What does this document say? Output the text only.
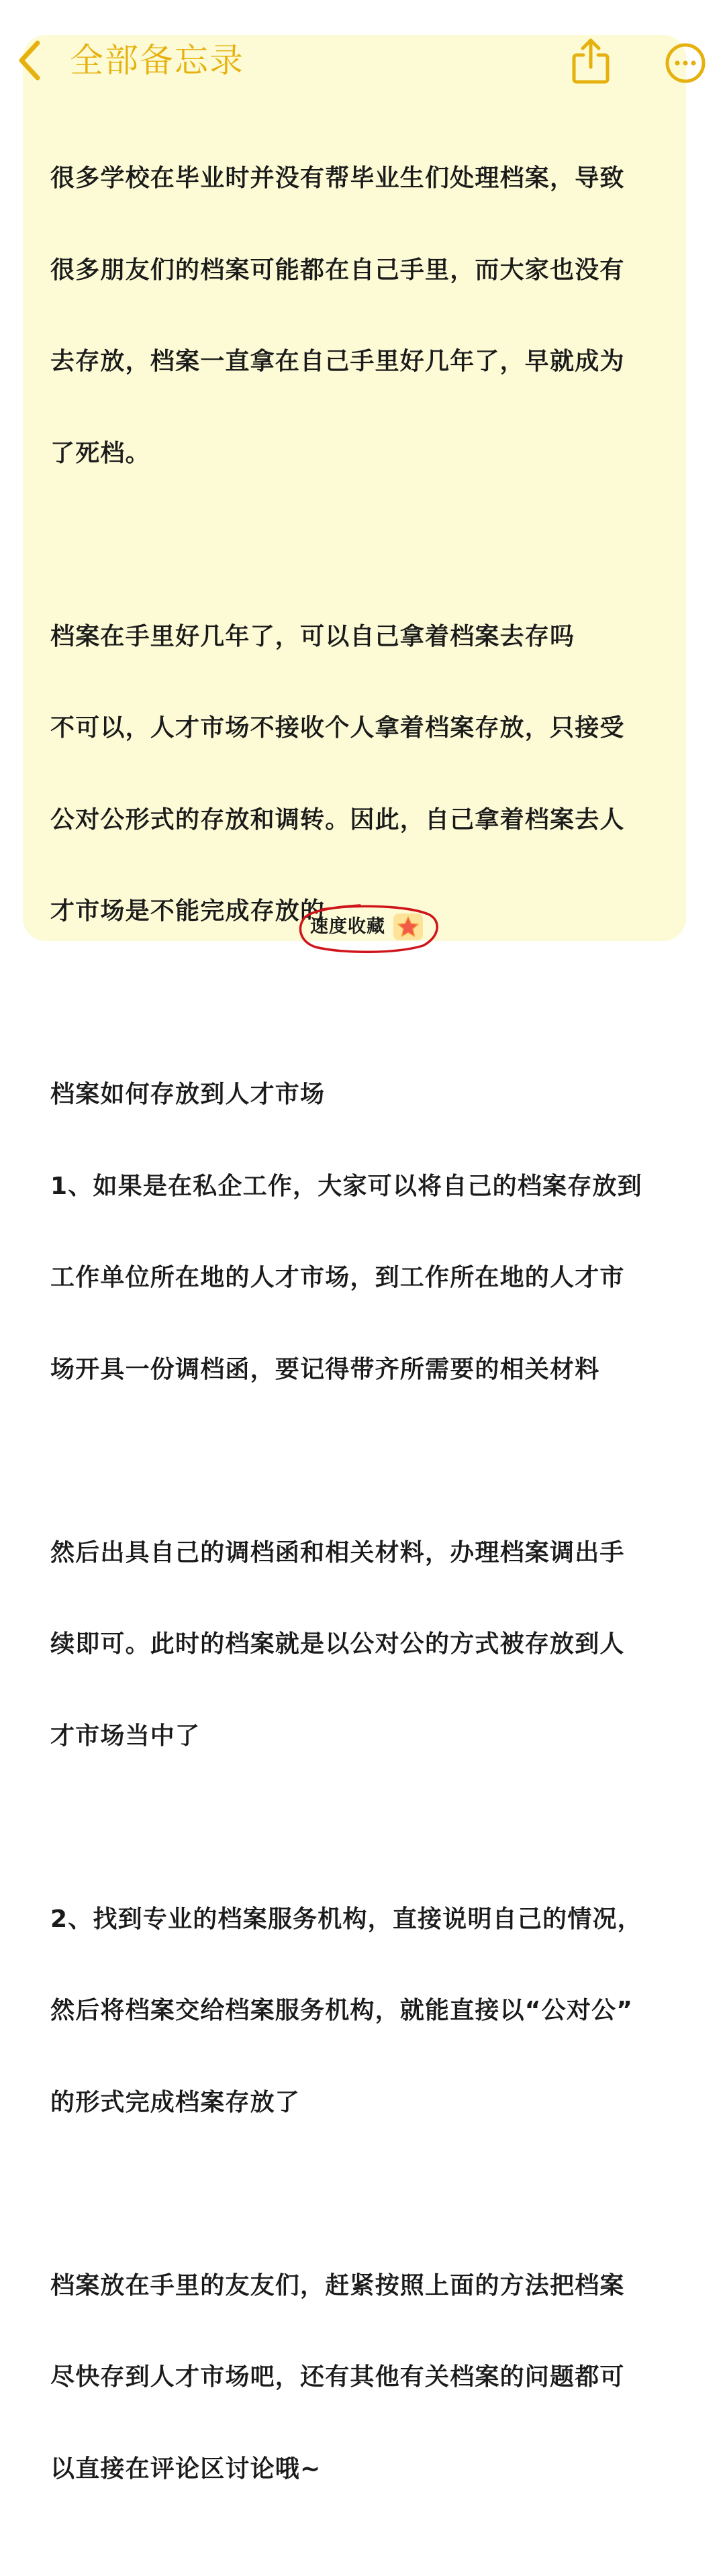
全部备忘录

很多学校在毕业时并没有帮毕业生们处理档案，导致

很多朋友们的档案可能都在自己手里，而大家也没有

去存放，档案一直拿在自己手里好几年了，早就成为

了死档。

档案在手里好几年了，可以自己拿着档案去存吗

不可以，人才市场不接收个人拿着档案存放，只接受

公对公形式的存放和调转。因此，自己拿着档案去人

才市场是不能完成存放的

档案如何存放到人才市场

1、如果是在私企工作，大家可以将自己的档案存放到

工作单位所在地的人才市场，到工作所在地的人才市

场开具一份调档函，要记得带齐所需要的相关材料

然后出具自己的调档函和相关材料，办理档案调出手

续即可。此时的档案就是以公对公的方式被存放到人

才市场当中了

2、找到专业的档案服务机构，直接说明自己的情况，

然后将档案交给档案服务机构，就能直接以“公对公”

的形式完成档案存放了

档案放在手里的友友们，赶紧按照上面的方法把档案

尽快存到人才市场吧，还有其他有关档案的问题都可

以直接在评论区讨论哦~

速度收藏
